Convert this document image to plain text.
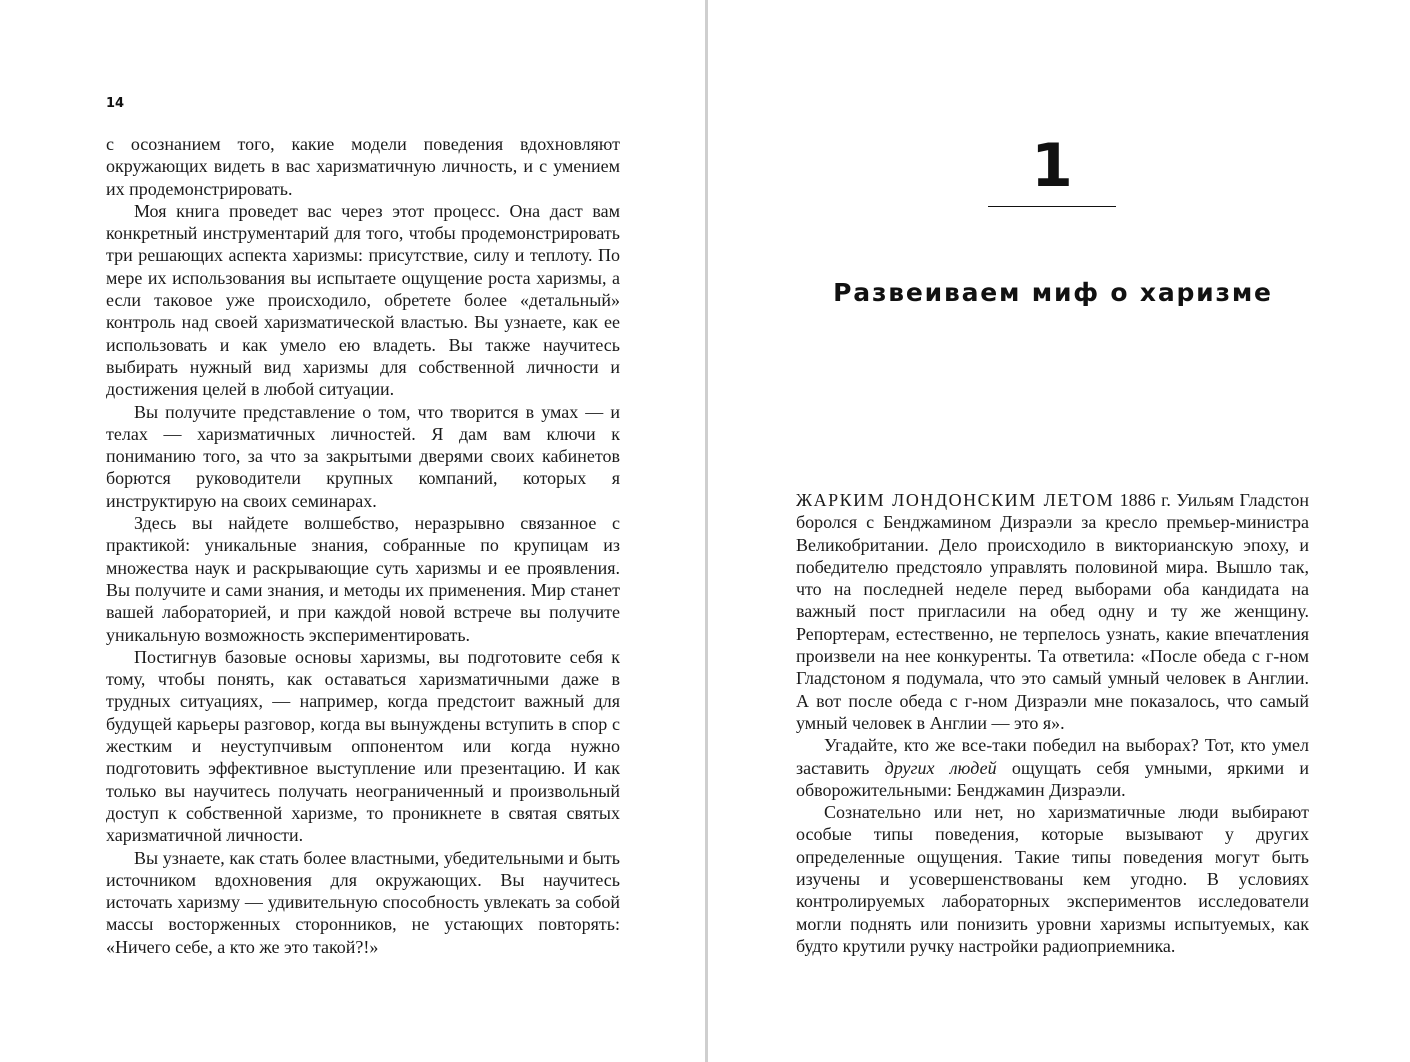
14

с осознанием того, какие модели поведения вдохновляют окружающих видеть в вас харизматичную личность, и с умением их продемонстрировать.

Моя книга проведет вас через этот процесс. Она даст вам конкретный инструментарий для того, чтобы продемонстрировать три решающих аспекта харизмы: присутствие, силу и теплоту. По мере их использования вы испытаете ощущение роста харизмы, а если таковое уже происходило, обретете более «детальный» контроль над своей харизматической властью. Вы узнаете, как ее использовать и как умело ею владеть. Вы также научитесь выбирать нужный вид харизмы для собственной личности и достижения целей в любой ситуации.

Вы получите представление о том, что творится в умах — и телах — харизматичных личностей. Я дам вам ключи к пониманию того, за что за закрытыми дверями своих кабинетов борются руководители крупных компаний, которых я инструктирую на своих семинарах.

Здесь вы найдете волшебство, неразрывно связанное с практикой: уникальные знания, собранные по крупицам из множества наук и раскрывающие суть харизмы и ее проявления. Вы получите и сами знания, и методы их применения. Мир станет вашей лабораторией, и при каждой новой встрече вы получите уникальную возможность экспериментировать.

Постигнув базовые основы харизмы, вы подготовите себя к тому, чтобы понять, как оставаться харизматичными даже в трудных ситуациях, — например, когда предстоит важный для будущей карьеры разговор, когда вы вынуждены вступить в спор с жестким и неуступчивым оппонентом или когда нужно подготовить эффективное выступление или презентацию. И как только вы научитесь получать неограниченный и произвольный доступ к собственной харизме, то проникнете в святая святых харизматичной личности.

Вы узнаете, как стать более властными, убедительными и быть источником вдохновения для окружающих. Вы научитесь источать харизму — удивительную способность увлекать за собой массы восторженных сторонников, не устающих повторять: «Ничего себе, а кто же это такой?!»

1
Развеиваем миф о харизме

ЖАРКИМ ЛОНДОНСКИМ ЛЕТОМ 1886 г. Уильям Гладстон боролся с Бенджамином Дизраэли за кресло премьер-министра Великобритании. Дело происходило в викторианскую эпоху, и победителю предстояло управлять половиной мира. Вышло так, что на последней неделе перед выборами оба кандидата на важный пост пригласили на обед одну и ту же женщину. Репортерам, естественно, не терпелось узнать, какие впечатления произвели на нее конкуренты. Та ответила: «После обеда с г-ном Гладстоном я подумала, что это самый умный человек в Англии. А вот после обеда с г-ном Дизраэли мне показалось, что самый умный человек в Англии — это я».

Угадайте, кто же все-таки победил на выборах? Тот, кто умел заставить других людей ощущать себя умными, яркими и обворожительными: Бенджамин Дизраэли.

Сознательно или нет, но харизматичные люди выбирают особые типы поведения, которые вызывают у других определенные ощущения. Такие типы поведения могут быть изучены и усовершенствованы кем угодно. В условиях контролируемых лабораторных экспериментов исследователи могли поднять или понизить уровни харизмы испытуемых, как будто крутили ручку настройки радиоприемника.
